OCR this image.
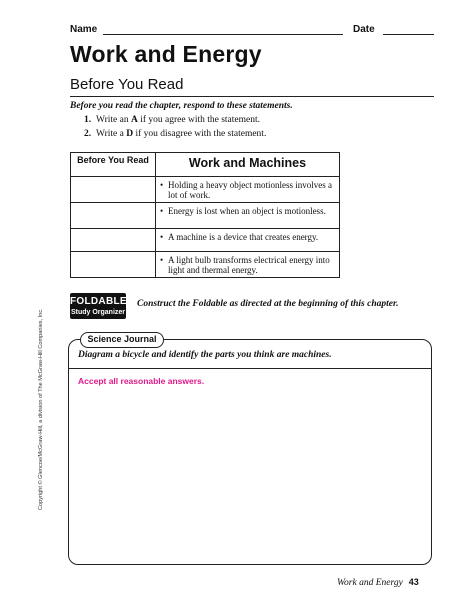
Name	Date
Work and Energy
Before You Read
Before you read the chapter, respond to these statements.
1. Write an A if you agree with the statement.
2. Write a D if you disagree with the statement.
Before You Read	Work and Machines

	• Holding a heavy object motionless involves a lot of work.

	• Energy is lost when an object is motionless.

	• A machine is a device that creates energy.

	• A light bulb transforms electrical energy into light and thermal energy.
FOLDABLES
Study Organizer
Construct the Foldable as directed at the beginning of this chapter.
Science Journal
Diagram a bicycle and identify the parts you think are machines.
Accept all reasonable answers.
Copyright © Glencoe/McGraw-Hill, a division of The McGraw-Hill Companies, Inc.
Work and Energy 43
